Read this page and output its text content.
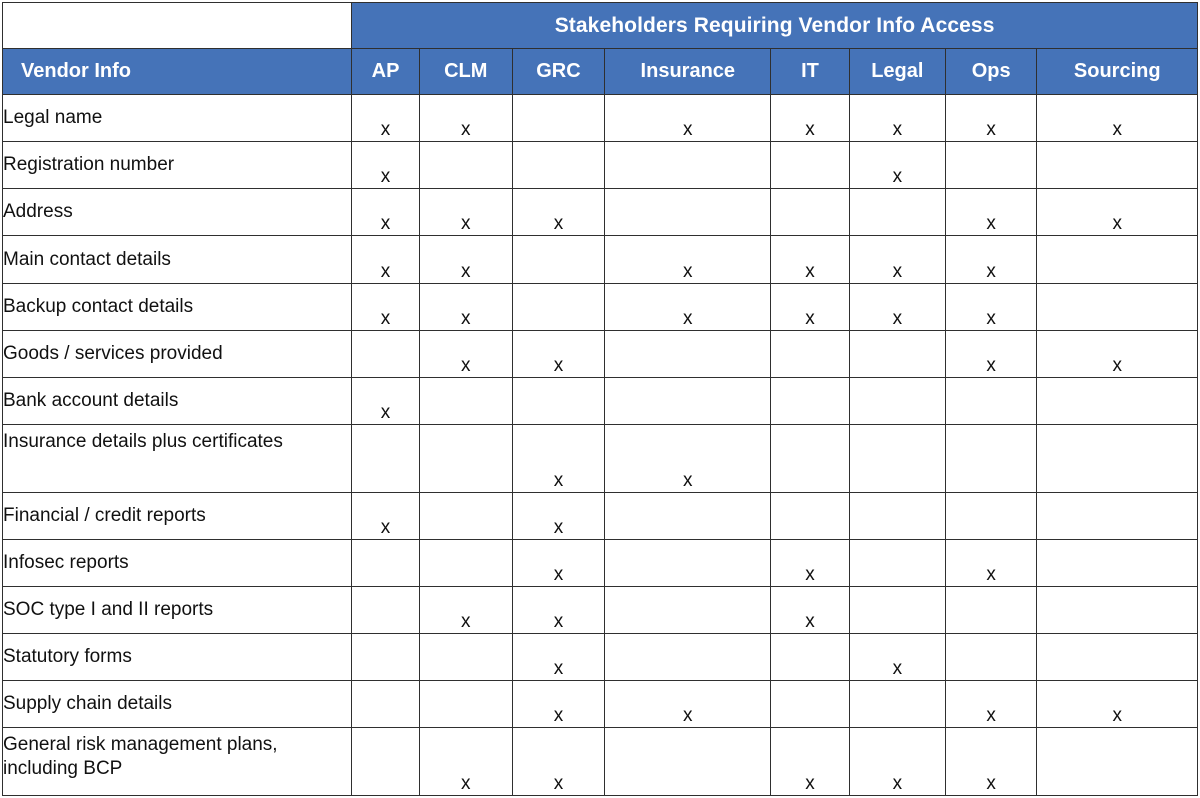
	Stakeholders Requiring Vendor Info Access							
Vendor Info	AP	CLM	GRC	Insurance	IT	Legal	Ops	Sourcing
Legal name	x	x		x	x	x	x	x
Registration number	x					x		
Address	x	x	x				x	x
Main contact details	x	x		x	x	x	x	
Backup contact details	x	x		x	x	x	x	
Goods / services provided		x	x				x	x
Bank account details	x							
Insurance details plus certificates			x	x				
Financial / credit reports	x		x					
Infosec reports			x		x		x	
SOC type I and II reports		x	x		x			
Statutory forms			x			x		
Supply chain details			x	x			x	x
General risk management plans, including BCP		x	x		x	x	x	
